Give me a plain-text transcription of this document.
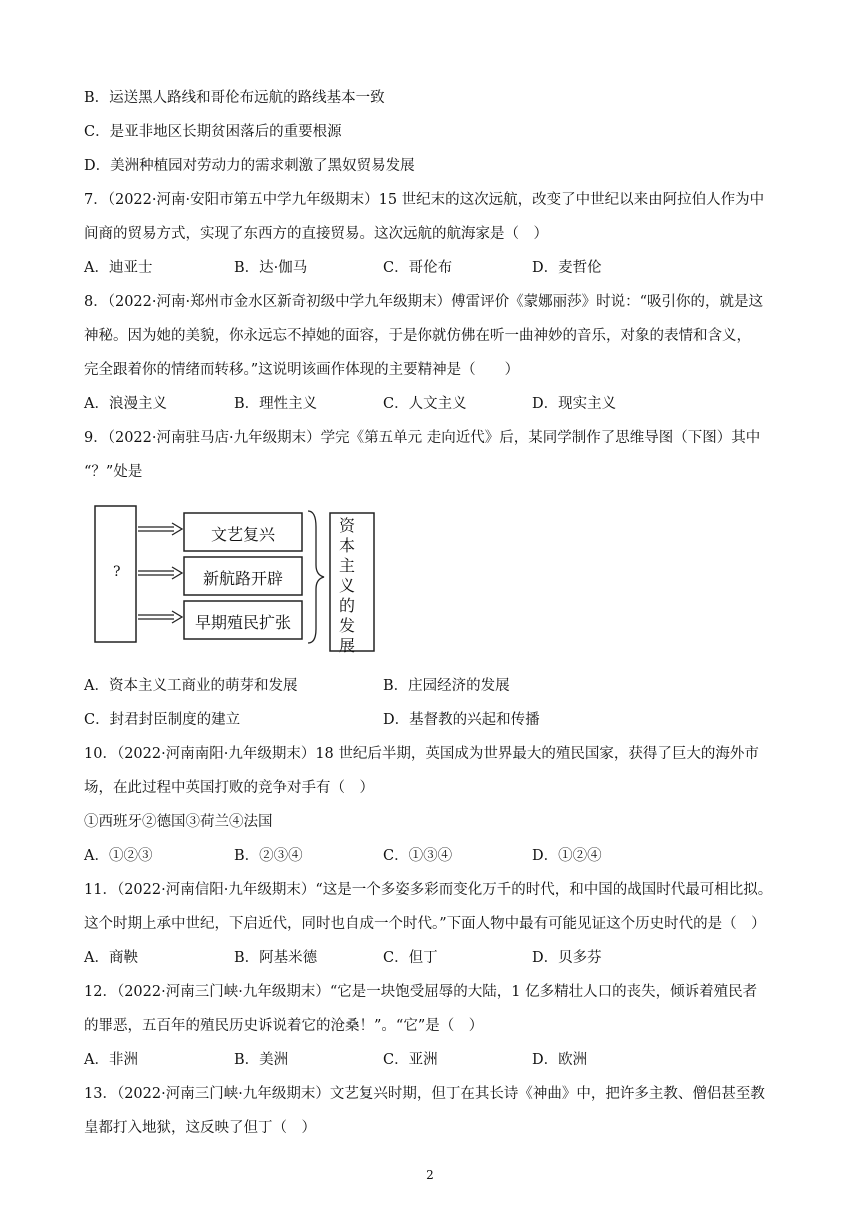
B．运送黑人路线和哥伦布远航的路线基本一致
C．是亚非地区长期贫困落后的重要根源
D．美洲种植园对劳动力的需求刺激了黑奴贸易发展
7．（2022·河南·安阳市第五中学九年级期末）15 世纪末的这次远航，改变了中世纪以来由阿拉伯人作为中
间商的贸易方式，实现了东西方的直接贸易。这次远航的航海家是（　）
A．迪亚士	B．达·伽马	C．哥伦布	D．麦哲伦
8．（2022·河南·郑州市金水区新奇初级中学九年级期末）傅雷评价《蒙娜丽莎》时说：“吸引你的，就是这
神秘。因为她的美貌，你永远忘不掉她的面容，于是你就仿佛在听一曲神妙的音乐，对象的表情和含义，
完全跟着你的情绪而转移。”这说明该画作体现的主要精神是（　　）
A．浪漫主义	B．理性主义	C．人文主义	D．现实主义
9．（2022·河南驻马店·九年级期末）学完《第五单元 走向近代》后，某同学制作了思维导图（下图）其中
“？”处是
?
文艺复兴
新航路开辟
早期殖民扩张
资本主义的发展
A．资本主义工商业的萌芽和发展	B．庄园经济的发展
C．封君封臣制度的建立	D．基督教的兴起和传播
10．（2022·河南南阳·九年级期末）18 世纪后半期，英国成为世界最大的殖民国家，获得了巨大的海外市
场，在此过程中英国打败的竞争对手有（　）
①西班牙②德国③荷兰④法国
A．①②③	B．②③④	C．①③④	D．①②④
11．（2022·河南信阳·九年级期末）“这是一个多姿多彩而变化万千的时代，和中国的战国时代最可相比拟。
这个时期上承中世纪，下启近代，同时也自成一个时代。”下面人物中最有可能见证这个历史时代的是（　）
A．商鞅	B．阿基米德	C．但丁	D．贝多芬
12．（2022·河南三门峡·九年级期末）“它是一块饱受屈辱的大陆，1 亿多精壮人口的丧失，倾诉着殖民者
的罪恶，五百年的殖民历史诉说着它的沧桑！”。“它”是（　）
A．非洲	B．美洲	C．亚洲	D．欧洲
13．（2022·河南三门峡·九年级期末）文艺复兴时期，但丁在其长诗《神曲》中，把许多主教、僧侣甚至教
皇都打入地狱，这反映了但丁（　）
2
